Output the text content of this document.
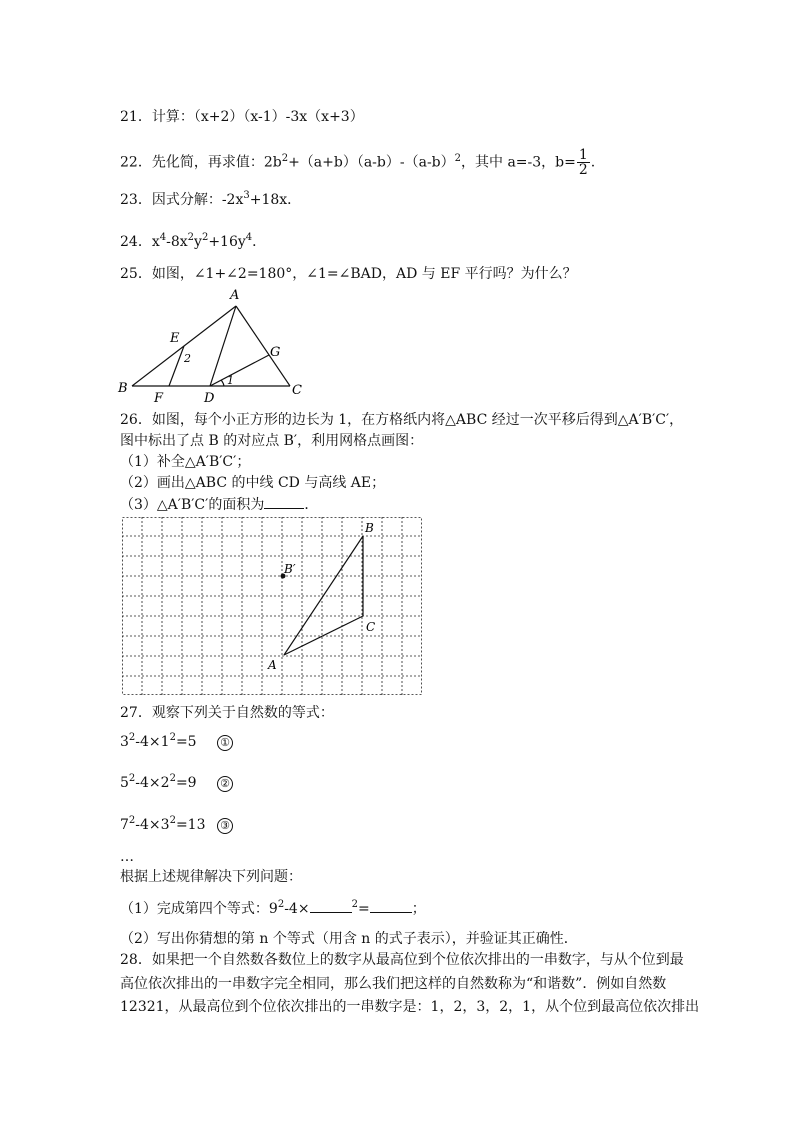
21．计算：（x+2）（x-1）-3x（x+3）
22．先化简，再求值：$2b^2+(a+b)(a-b)-(a-b)^2$，其中 a=-3，$b= \frac{1}{2}$ .
23．因式分解：$-2x^3+18x$．
24．$x^4-8x^2y^2+16y^4$．
25．如图，∠1+∠2=180°，∠1=∠BAD，AD 与 EF 平行吗？为什么？
A
B	C
D
E
F
G
1
2
26．如图，每个小正方形的边长为 1，在方格纸内将△ABC 经过一次平移后得到△A′B′C′，
图中标出了点 B 的对应点 B′，利用网格点画图：
（1）补全△A′B′C′；
（2）画出△ABC 的中线 CD 与高线 AE；
（3）△A′B′C′的面积为	．
B
C
A
B′
27．观察下列关于自然数的等式：
$3^2-4\times 1^2=5$	①
$5^2-4\times 2^2=9$	②
$7^2-4\times 3^2=13$	③
…
根据上述规律解决下列问题：
（1）完成第四个等式：$9^2-4\times$	$^2$=	；
（2）写出你猜想的第 n 个等式（用含 n 的式子表示），并验证其正确性．
28．如果把一个自然数各数位上的数字从最高位到个位依次排出的一串数字，与从个位到最
高位依次排出的一串数字完全相同，那么我们把这样的自然数称为“和谐数”．例如自然数
12321，从最高位到个位依次排出的一串数字是：1，2，3，2，1，从个位到最高位依次排出
